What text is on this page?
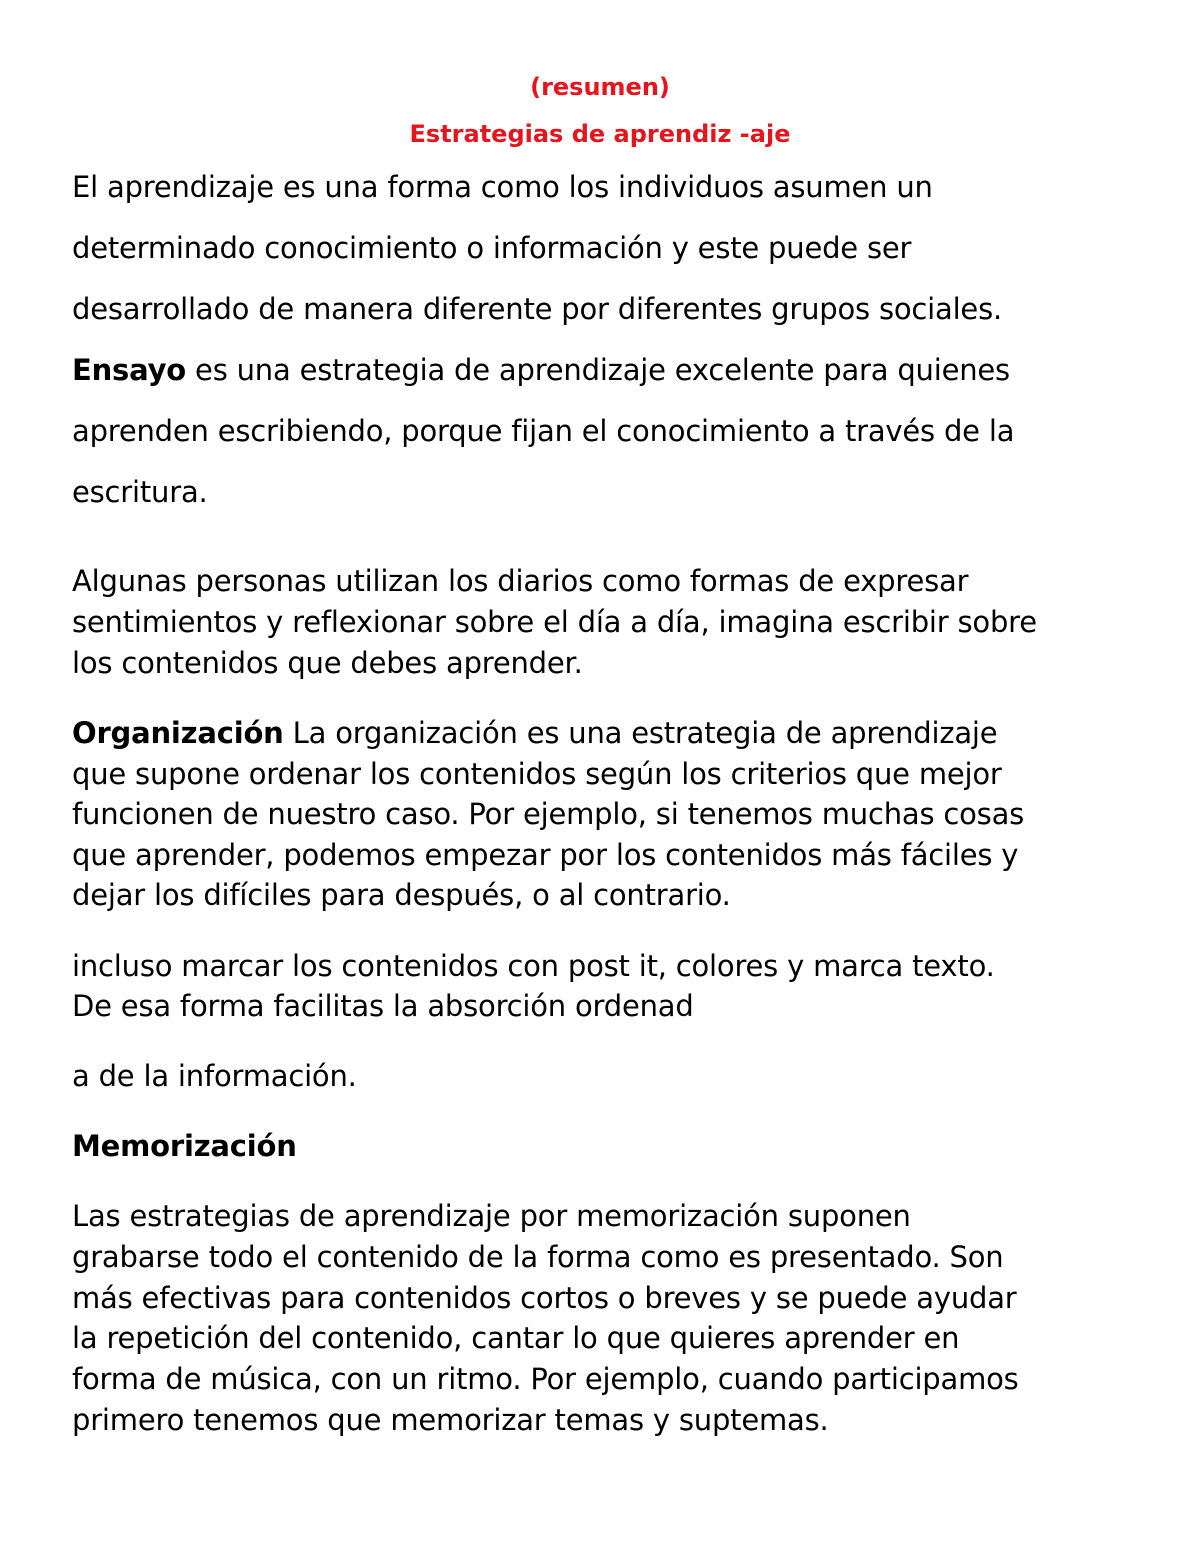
(resumen)
Estrategias de aprendiz -aje
El aprendizaje es una forma como los individuos asumen un
determinado conocimiento o información y este puede ser
desarrollado de manera diferente por diferentes grupos sociales.
Ensayo es una estrategia de aprendizaje excelente para quienes
aprenden escribiendo, porque fijan el conocimiento a través de la
escritura.
Algunas personas utilizan los diarios como formas de expresar
sentimientos y reflexionar sobre el día a día, imagina escribir sobre
los contenidos que debes aprender.
Organización La organización es una estrategia de aprendizaje
que supone ordenar los contenidos según los criterios que mejor
funcionen de nuestro caso. Por ejemplo, si tenemos muchas cosas
que aprender, podemos empezar por los contenidos más fáciles y
dejar los difíciles para después, o al contrario.
incluso marcar los contenidos con post it, colores y marca texto.
De esa forma facilitas la absorción ordenad
a de la información.
Memorización
Las estrategias de aprendizaje por memorización suponen
grabarse todo el contenido de la forma como es presentado. Son
más efectivas para contenidos cortos o breves y se puede ayudar
la repetición del contenido, cantar lo que quieres aprender en
forma de música, con un ritmo. Por ejemplo, cuando participamos
primero tenemos que memorizar temas y suptemas.
